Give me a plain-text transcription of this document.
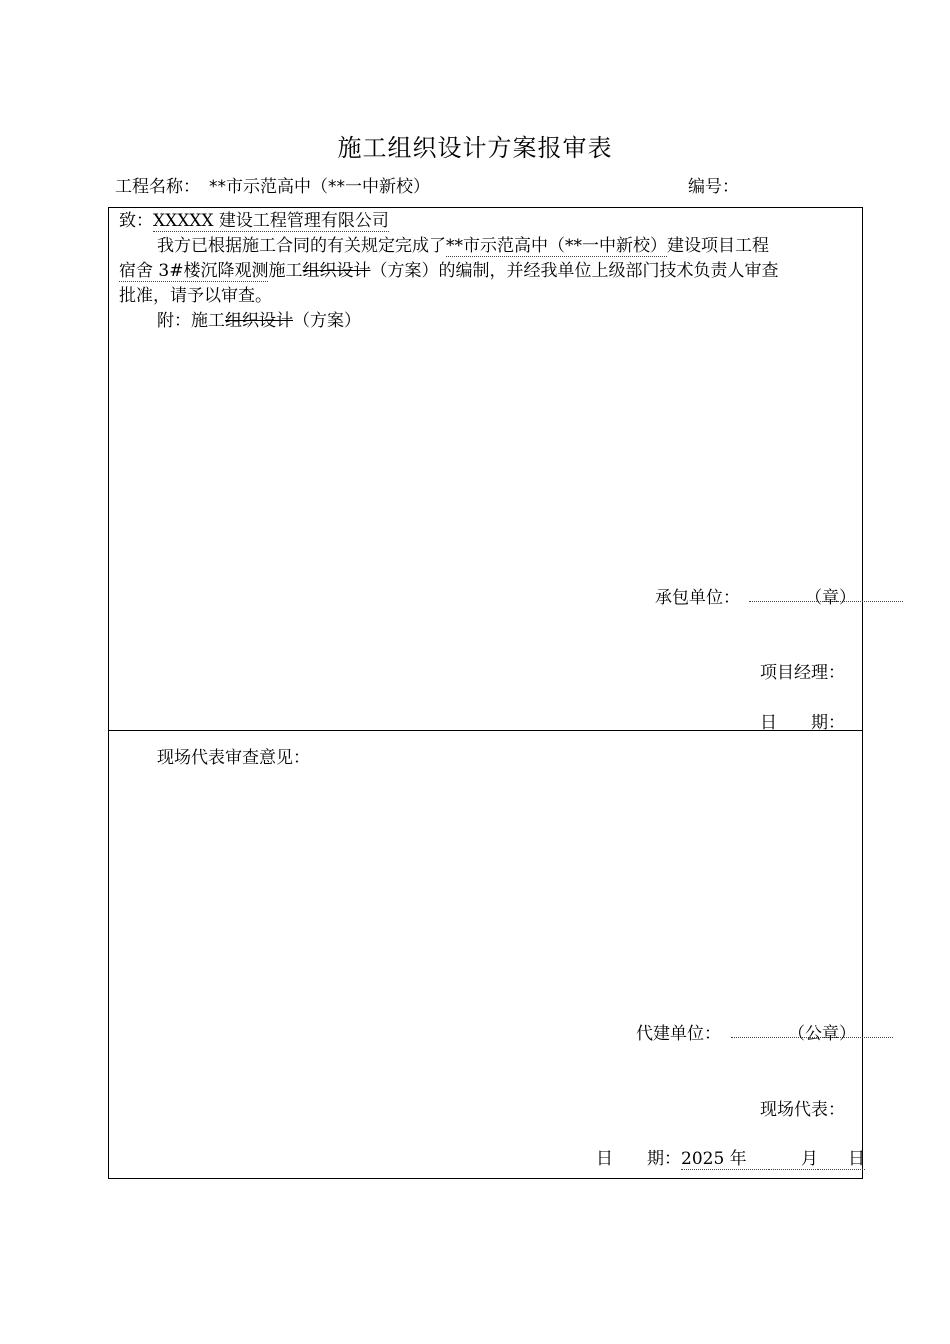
施工组织设计方案报审表
工程名称： **市示范高中（**一中新校）	编号：
致：XXXXX 建设工程管理有限公司
我方已根据施工合同的有关规定完成了**市示范高中（**一中新校）建设项目工程
宿舍 3#楼沉降观测施工组织设计（方案）的编制，并经我单位上级部门技术负责人审查
批准，请予以审查。
附：施工组织设计（方案）
承包单位：	（章）
项目经理：
日　　期：
现场代表审查意见：
代建单位：	（公章）
现场代表：
日　　期：2025 年	月 日
